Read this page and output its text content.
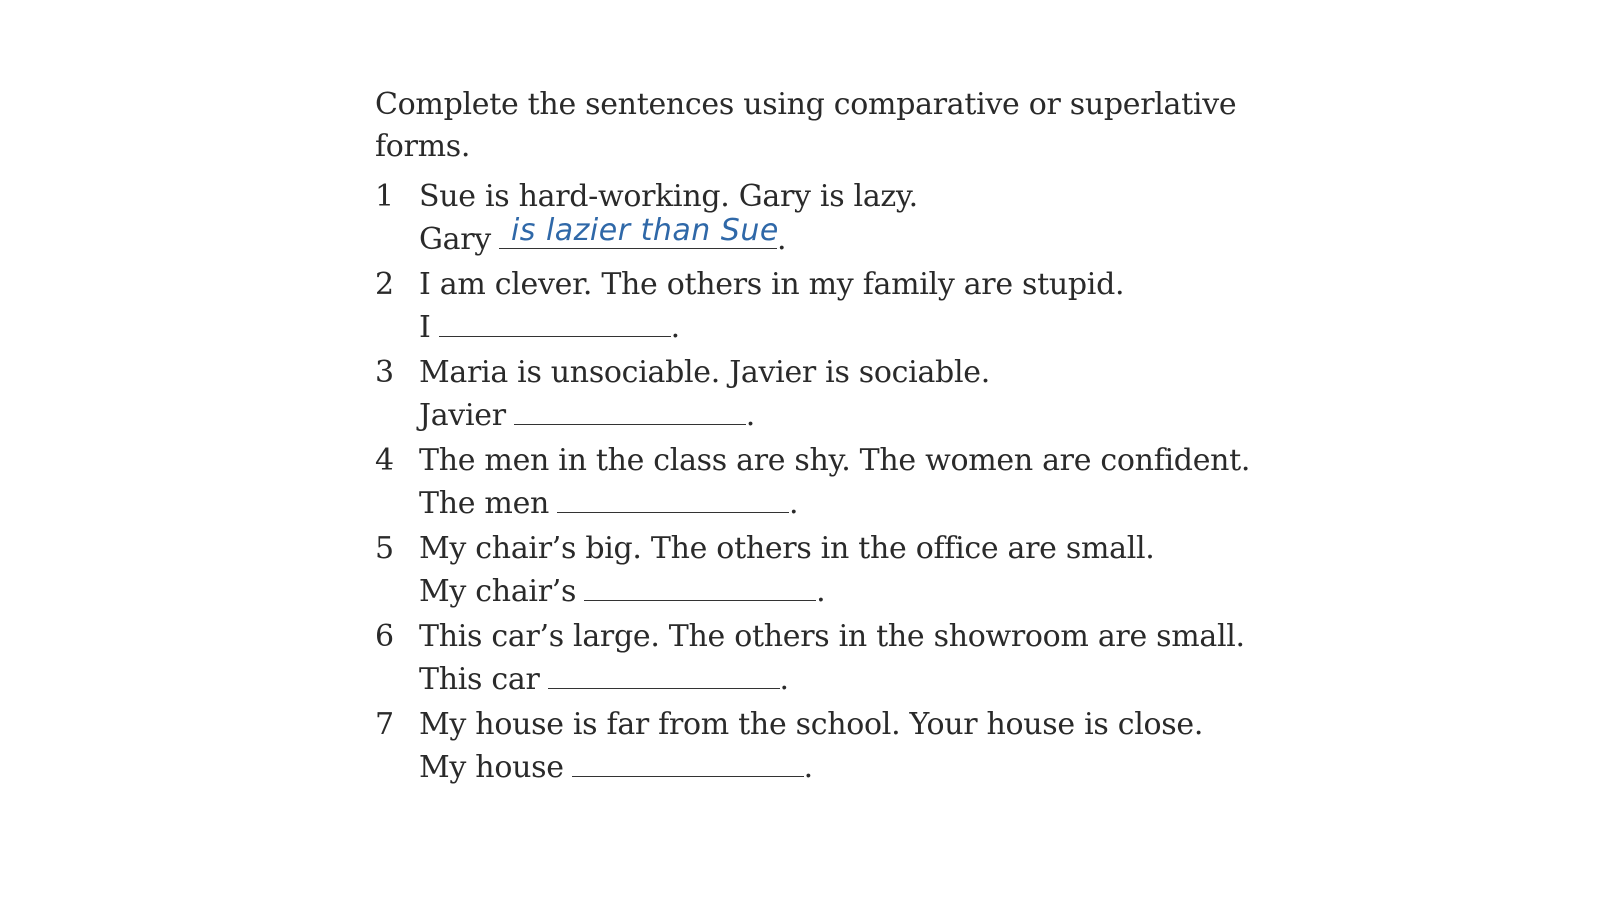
Complete the sentences using comparative or superlative forms.

1 Sue is hard-working. Gary is lazy.
Gary is lazier than Sue
.
2 I am clever. The others in my family are stupid.
I	.
3 Maria is unsociable. Javier is sociable.
Javier	.
4 The men in the class are shy. The women are confident.
The men	.
5 My chair’s big. The others in the office are small.
My chair’s	.
6 This car’s large. The others in the showroom are small.
This car	.
7 My house is far from the school. Your house is close.
My house	.
